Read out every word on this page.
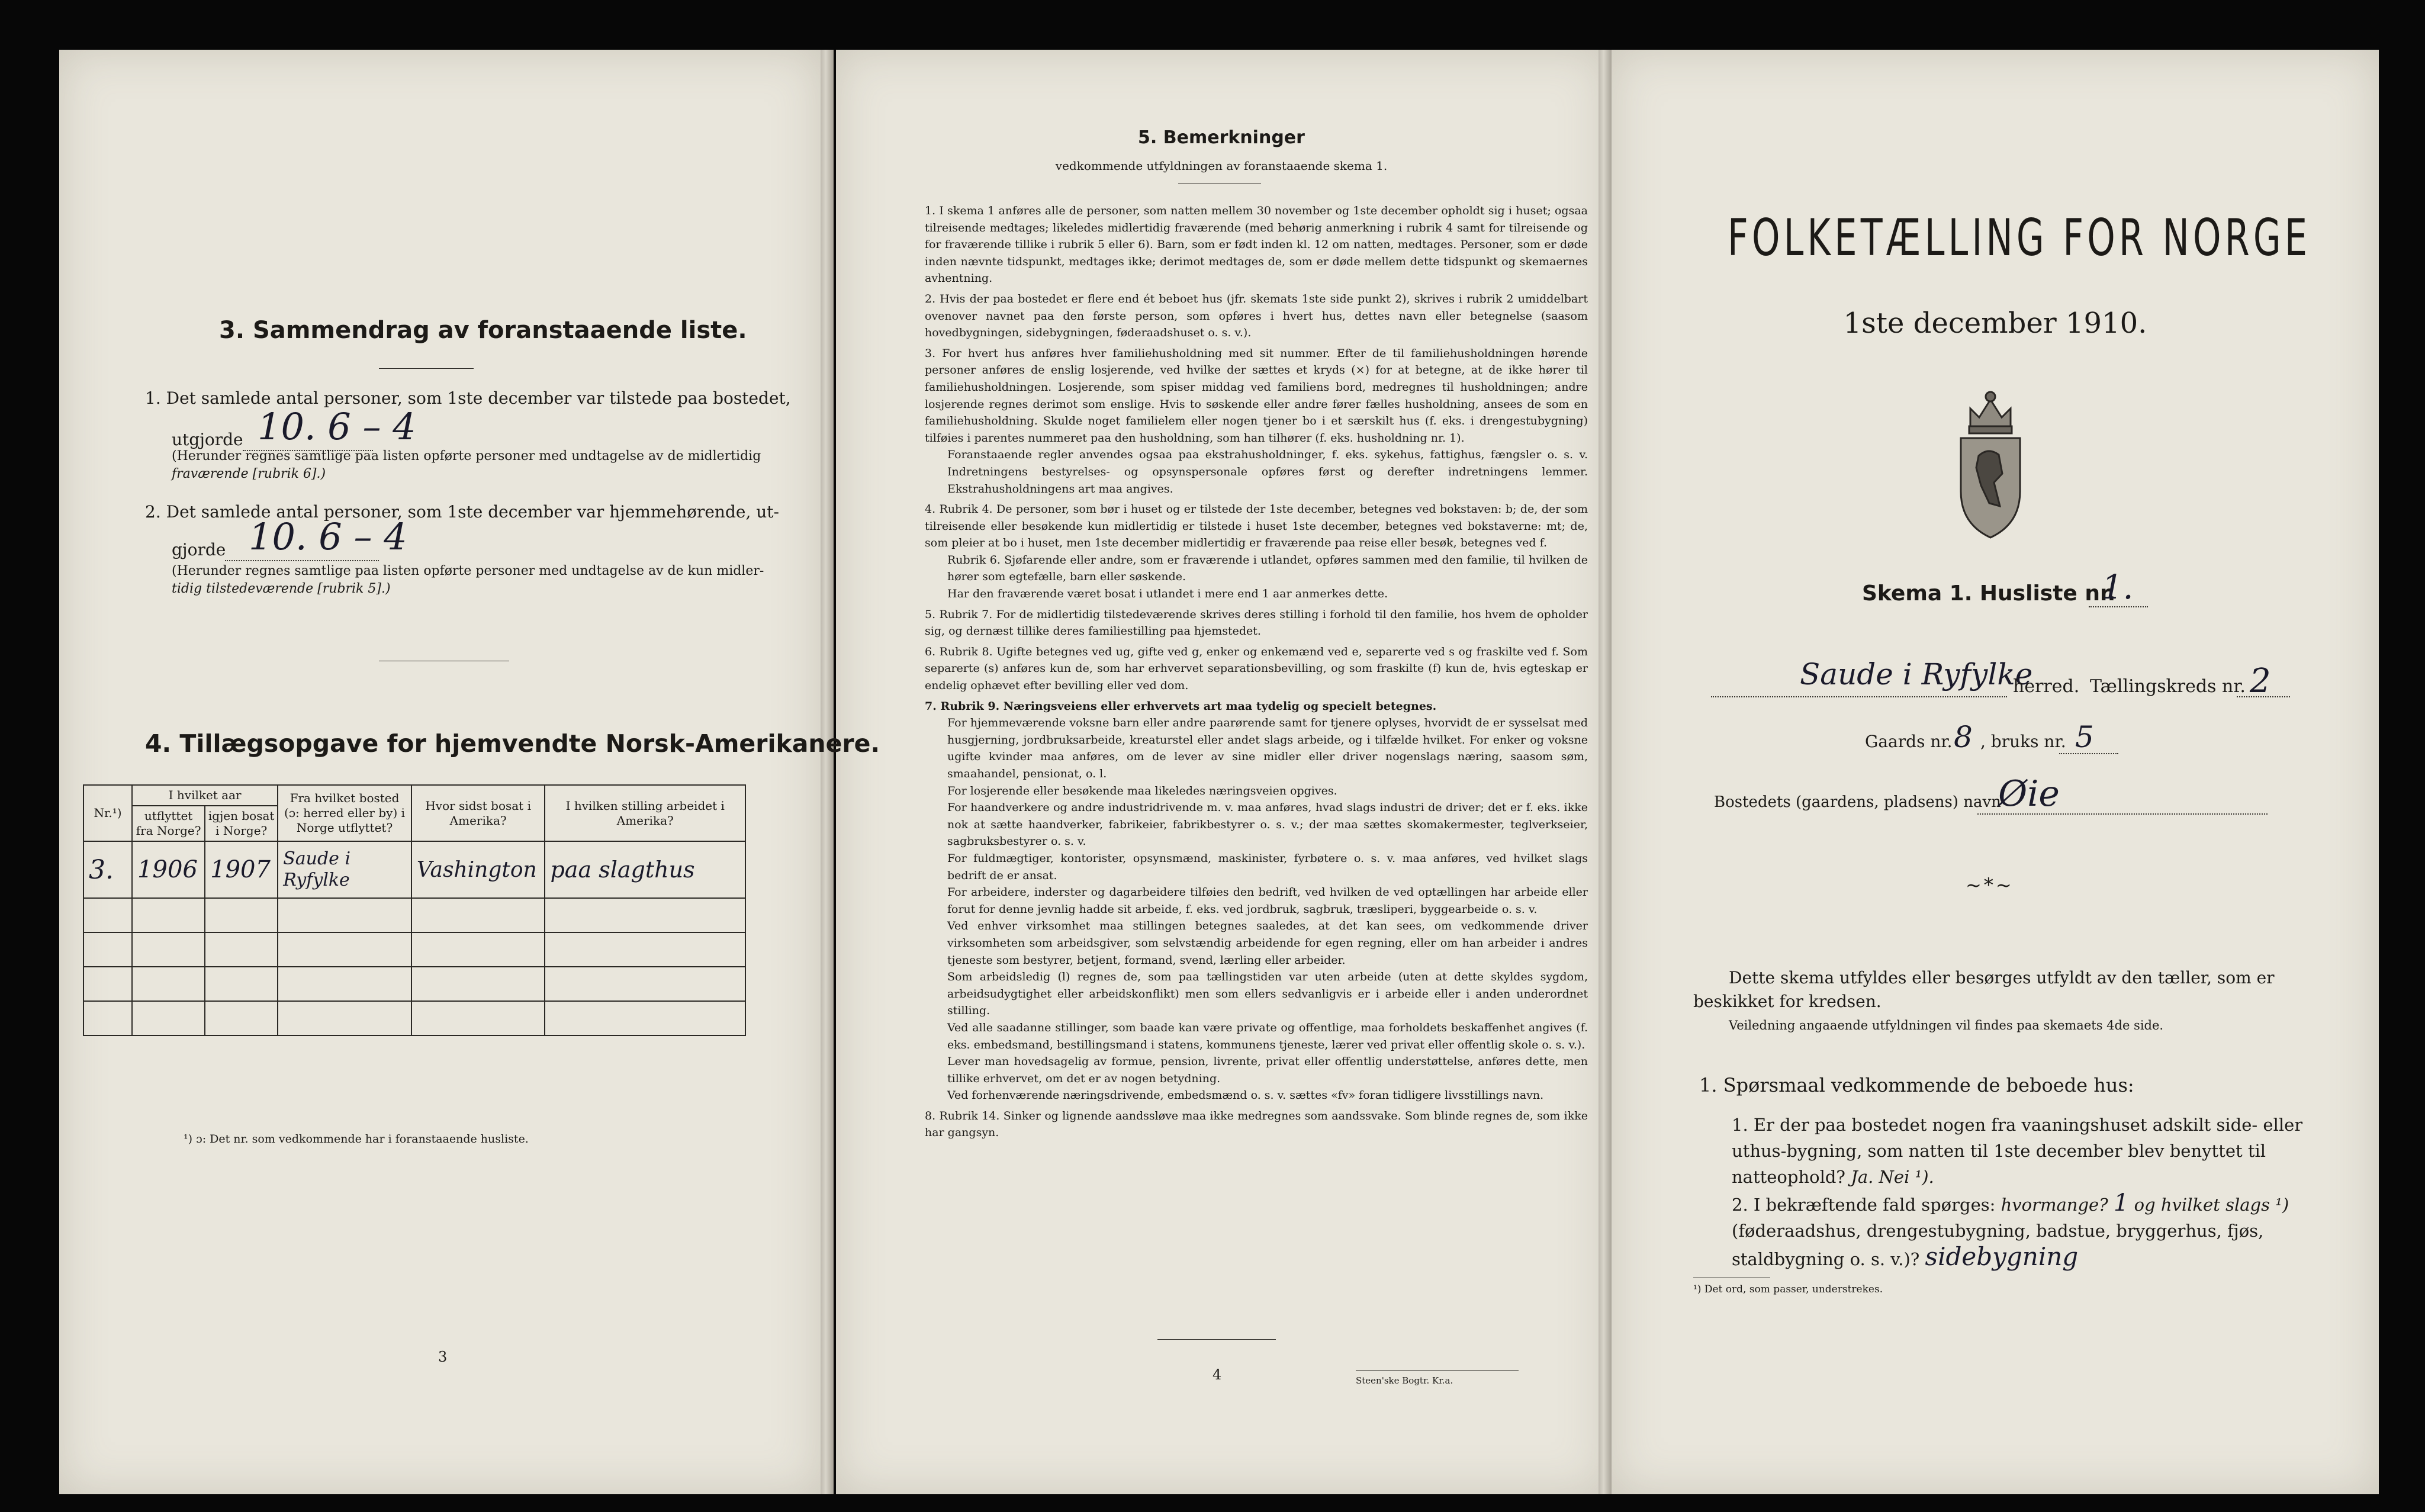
3. Sammendrag av foranstaaende liste.
1. Det samlede antal personer, som 1ste december var tilstede paa bostedet,
utgjorde 10. 6 – 4
(Herunder regnes samtlige paa listen opførte personer med undtagelse av de midlertidig
fraværende [rubrik 6].)
2. Det samlede antal personer, som 1ste december var hjemmehørende, ut-
gjorde 10. 6 – 4
(Herunder regnes samtlige paa listen opførte personer med undtagelse av de kun midler-
tidig tilstedeværende [rubrik 5].)
4. Tillægsopgave for hjemvendte Norsk-Amerikanere.
Nr.¹)	I hvilket aar		Fra hvilket bosted (ɔ: herred eller by) i Norge utflyttet?	Hvor sidst bosat i Amerika?	I hvilken stilling arbeidet i Amerika?
	utflyttet fra Norge?	igjen bosat i Norge?			
3.	1906	1907	Saude i Ryfylke	Vashington	paa slagthus

¹) ɔ: Det nr. som vedkommende har i foranstaaende husliste.
3
5. Bemerkninger
vedkommende utfyldningen av foranstaaende skema 1.

1. I skema 1 anføres alle de personer, som natten mellem 30 november og 1ste december opholdt sig i huset; ogsaa tilreisende medtages; likeledes midlertidig fraværende (med behørig anmerkning i rubrik 4 samt for tilreisende og for fraværende tillike i rubrik 5 eller 6). Barn, som er født inden kl. 12 om natten, medtages. Personer, som er døde inden nævnte tidspunkt, medtages ikke; derimot medtages de, som er døde mellem dette tidspunkt og skemaernes avhentning.

2. Hvis der paa bostedet er flere end ét beboet hus (jfr. skemats 1ste side punkt 2), skrives i rubrik 2 umiddelbart ovenover navnet paa den første person, som opføres i hvert hus, dettes navn eller betegnelse (saasom hovedbygningen, sidebygningen, føderaadshuset o. s. v.).

3. For hvert hus anføres hver familiehusholdning med sit nummer. Efter de til familiehusholdningen hørende personer anføres de enslig losjerende, ved hvilke der sættes et kryds (×) for at betegne, at de ikke hører til familiehusholdningen. Losjerende, som spiser middag ved familiens bord, medregnes til husholdningen; andre losjerende regnes derimot som enslige. Hvis to søskende eller andre fører fælles husholdning, ansees de som en familiehusholdning. Skulde noget familielem eller nogen tjener bo i et særskilt hus (f. eks. i drengestubygning) tilføies i parentes nummeret paa den husholdning, som han tilhører (f. eks. husholdning nr. 1).

Foranstaaende regler anvendes ogsaa paa ekstrahusholdninger, f. eks. sykehus, fattighus, fængsler o. s. v. Indretningens bestyrelses- og opsynspersonale opføres først og derefter indretningens lemmer. Ekstrahusholdningens art maa angives.

4. Rubrik 4. De personer, som bør i huset og er tilstede der 1ste december, betegnes ved bokstaven: b; de, der som tilreisende eller besøkende kun midlertidig er tilstede i huset 1ste december, betegnes ved bokstaverne: mt; de, som pleier at bo i huset, men 1ste december midlertidig er fraværende paa reise eller besøk, betegnes ved f.

Rubrik 6. Sjøfarende eller andre, som er fraværende i utlandet, opføres sammen med den familie, til hvilken de hører som egtefælle, barn eller søskende.

Har den fraværende været bosat i utlandet i mere end 1 aar anmerkes dette.

5. Rubrik 7. For de midlertidig tilstedeværende skrives deres stilling i forhold til den familie, hos hvem de opholder sig, og dernæst tillike deres familiestilling paa hjemstedet.

6. Rubrik 8. Ugifte betegnes ved ug, gifte ved g, enker og enkemænd ved e, separerte ved s og fraskilte ved f. Som separerte (s) anføres kun de, som har erhvervet separationsbevilling, og som fraskilte (f) kun de, hvis egteskap er endelig ophævet efter bevilling eller ved dom.

7. Rubrik 9. Næringsveiens eller erhvervets art maa tydelig og specielt betegnes.

For hjemmeværende voksne barn eller andre paarørende samt for tjenere oplyses, hvorvidt de er sysselsat med husgjerning, jordbruksarbeide, kreaturstel eller andet slags arbeide, og i tilfælde hvilket. For enker og voksne ugifte kvinder maa anføres, om de lever av sine midler eller driver nogenslags næring, saasom søm, smaahandel, pensionat, o. l.

For losjerende eller besøkende maa likeledes næringsveien opgives.

For haandverkere og andre industridrivende m. v. maa anføres, hvad slags industri de driver; det er f. eks. ikke nok at sætte haandverker, fabrikeier, fabrikbestyrer o. s. v.; der maa sættes skomakermester, teglverkseier, sagbruksbestyrer o. s. v.

For fuldmægtiger, kontorister, opsynsmænd, maskinister, fyrbøtere o. s. v. maa anføres, ved hvilket slags bedrift de er ansat.

For arbeidere, inderster og dagarbeidere tilføies den bedrift, ved hvilken de ved optællingen har arbeide eller forut for denne jevnlig hadde sit arbeide, f. eks. ved jordbruk, sagbruk, træsliperi, byggearbeide o. s. v.

Ved enhver virksomhet maa stillingen betegnes saaledes, at det kan sees, om vedkommende driver virksomheten som arbeidsgiver, som selvstændig arbeidende for egen regning, eller om han arbeider i andres tjeneste som bestyrer, betjent, formand, svend, lærling eller arbeider.

Som arbeidsledig (l) regnes de, som paa tællingstiden var uten arbeide (uten at dette skyldes sygdom, arbeidsudygtighet eller arbeidskonflikt) men som ellers sedvanligvis er i arbeide eller i anden underordnet stilling.

Ved alle saadanne stillinger, som baade kan være private og offentlige, maa forholdets beskaffenhet angives (f. eks. embedsmand, bestillingsmand i statens, kommunens tjeneste, lærer ved privat eller offentlig skole o. s. v.).

Lever man hovedsagelig av formue, pension, livrente, privat eller offentlig understøttelse, anføres dette, men tillike erhvervet, om det er av nogen betydning.

Ved forhenværende næringsdrivende, embedsmænd o. s. v. sættes «fv» foran tidligere livsstillings navn.

8. Rubrik 14. Sinker og lignende aandssløve maa ikke medregnes som aandssvake. Som blinde regnes de, som ikke har gangsyn.

4	Steen'ske Bogtr. Kr.a.
FOLKETÆLLING FOR NORGE
1ste december 1910.
Skema 1. Husliste nr.
1.
Saude i Ryfylke
herred. Tællingskreds nr. 2
Gaards nr. 8 , bruks nr. 5
Bostedets (gaardens, pladsens) navn
Øie
~*~
Dette skema utfyldes eller besørges utfyldt av den tæller, som er beskikket for kredsen.
Veiledning angaaende utfyldningen vil findes paa skemaets 4de side.
1. Spørsmaal vedkommende de beboede hus:
1. Er der paa bostedet nogen fra vaaningshuset adskilt side- eller uthus-bygning, som natten til 1ste december blev benyttet til natteophold? Ja. Nei ¹).
2. I bekræftende fald spørges: hvormange? 1 og hvilket slags ¹) (føderaadshus, drengestubygning, badstue, bryggerhus, fjøs, staldbygning o. s. v.)? sidebygning
¹) Det ord, som passer, understrekes.
